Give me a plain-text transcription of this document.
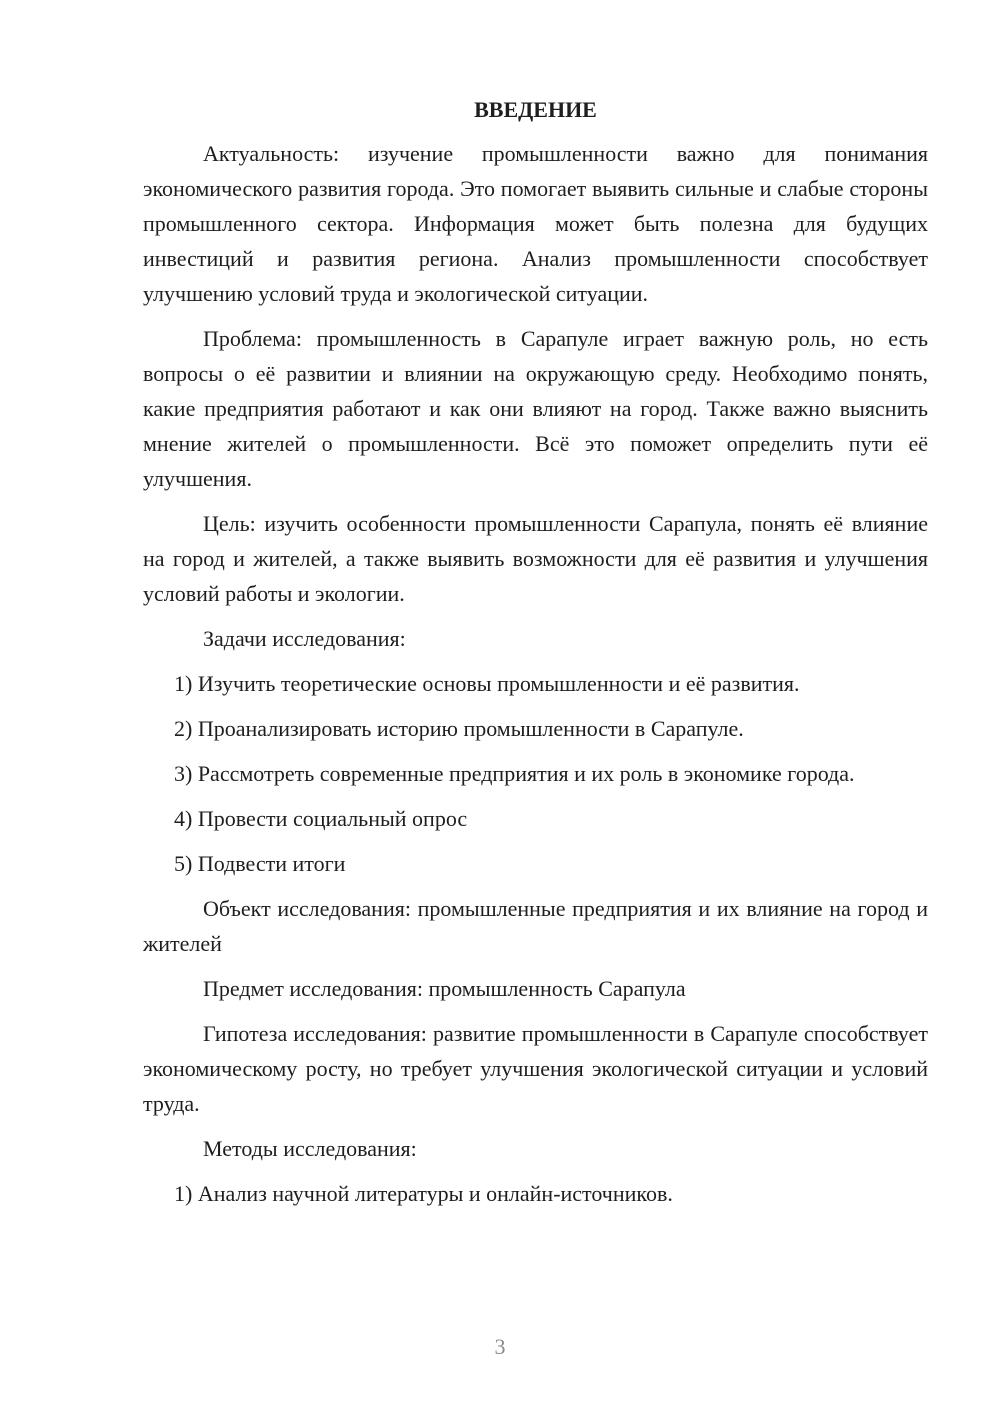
ВВЕДЕНИЕ

Актуальность: изучение промышленности важно для понимания экономического развития города. Это помогает выявить сильные и слабые стороны промышленного сектора. Информация может быть полезна для будущих инвестиций и развития региона. Анализ промышленности способствует улучшению условий труда и экологической ситуации.

Проблема: промышленность в Сарапуле играет важную роль, но есть вопросы о её развитии и влиянии на окружающую среду. Необходимо понять, какие предприятия работают и как они влияют на город. Также важно выяснить мнение жителей о промышленности. Всё это поможет определить пути её улучшения.

Цель: изучить особенности промышленности Сарапула, понять её влияние на город и жителей, а также выявить возможности для её развития и улучшения условий работы и экологии.

Задачи исследования:

1) Изучить теоретические основы промышленности и её развития.

2) Проанализировать историю промышленности в Сарапуле.

3) Рассмотреть современные предприятия и их роль в экономике города.

4) Провести социальный опрос

5) Подвести итоги

Объект исследования: промышленные предприятия и их влияние на город и жителей

Предмет исследования: промышленность Сарапула

Гипотеза исследования: развитие промышленности в Сарапуле способствует экономическому росту, но требует улучшения экологической ситуации и условий труда.

Методы исследования:

1) Анализ научной литературы и онлайн-источников.

3
